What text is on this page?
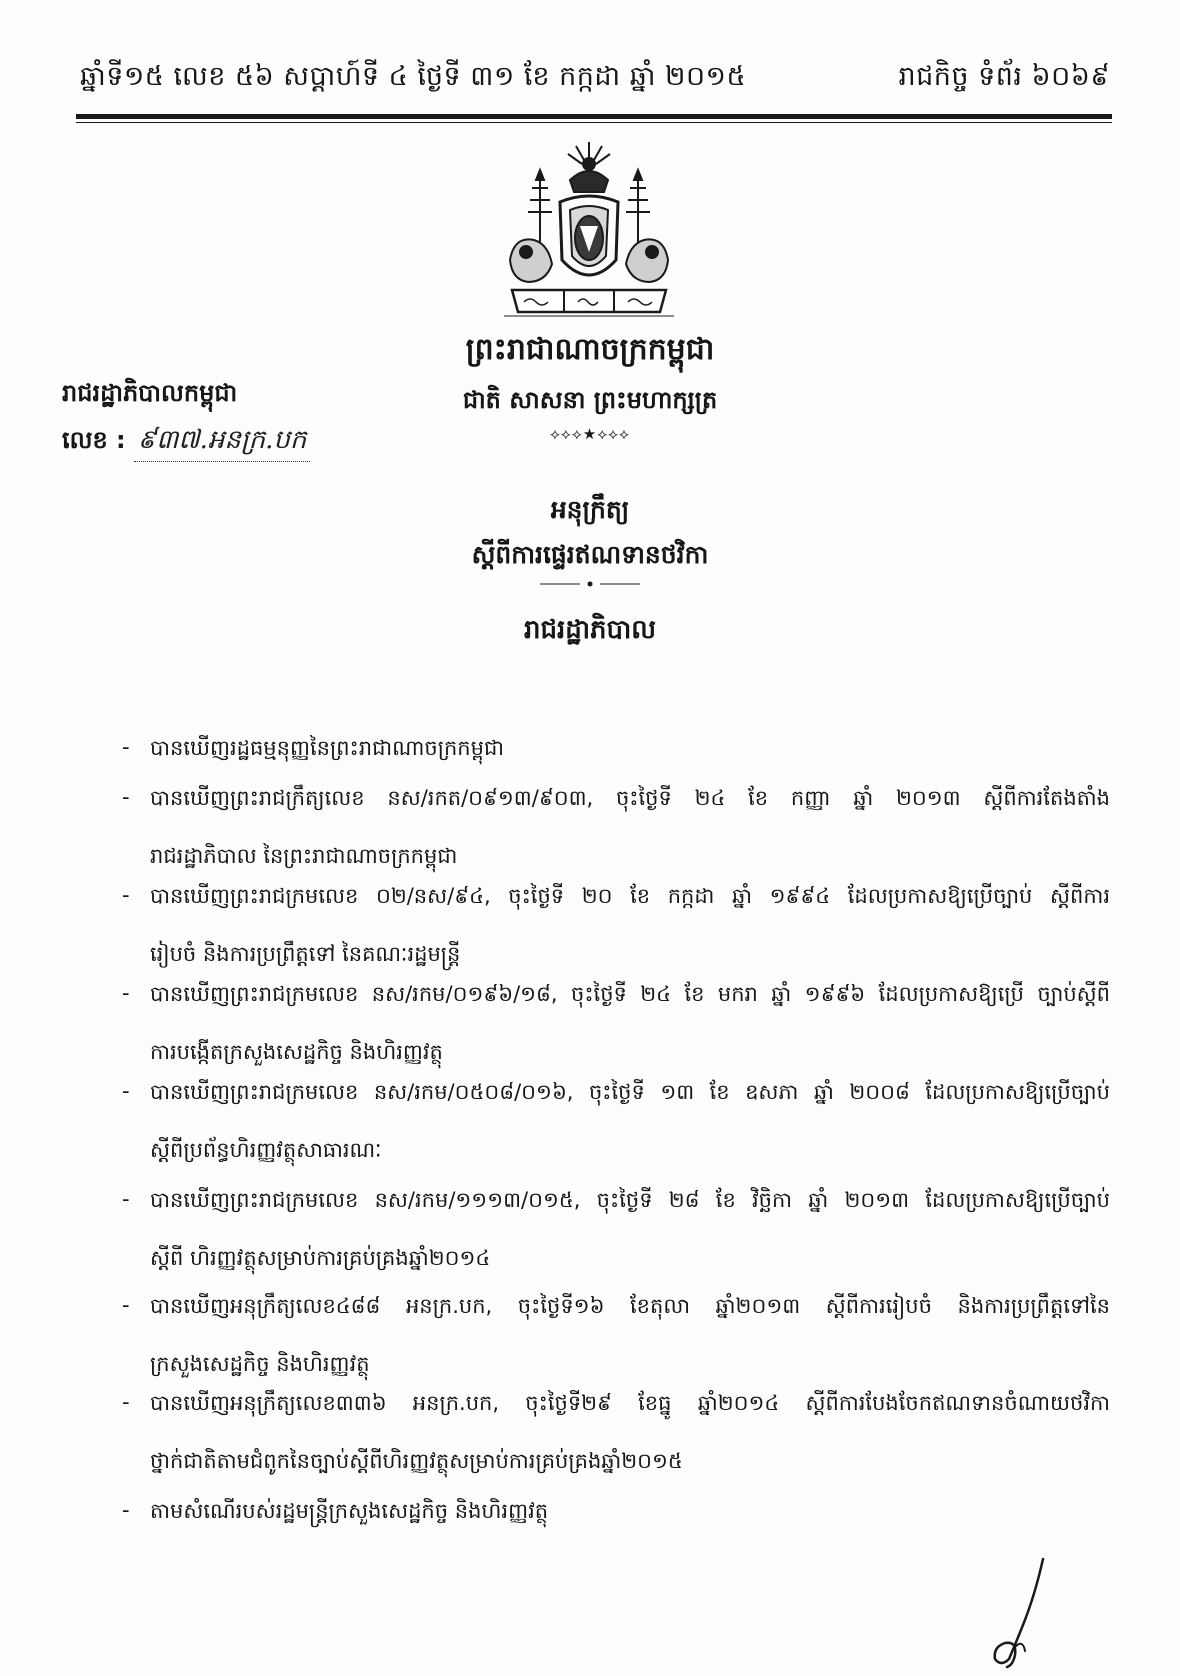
ឆ្នាំទី១៥ លេខ ៥៦ សប្តាហ៍ទី ៤ ថ្ងៃទី ៣១ ខែ កក្កដា ឆ្នាំ ២០១៥	រាជកិច្ច ទំព័រ ៦០៦៩
ព្រះរាជាណាចក្រកម្ពុជា
ជាតិ សាសនា ព្រះមហាក្សត្រ
⟡⟡⟡★⟡⟡⟡
រាជរដ្ឋាភិបាលកម្ពុជា
លេខ : ៩៣៧.អនក្រ.បក
អនុក្រឹត្យ
ស្តីពីការផ្ទេរឥណទានថវិកា
រាជរដ្ឋាភិបាល
- បានឃើញរដ្ឋធម្មនុញ្ញនៃព្រះរាជាណាចក្រកម្ពុជា
- បានឃើញព្រះរាជក្រឹត្យលេខ នស/រកត/០៩១៣/៩០៣, ចុះថ្ងៃទី ២៤ ខែ កញ្ញា ឆ្នាំ ២០១៣ ស្តីពីការតែងតាំង
រាជរដ្ឋាភិបាល នៃព្រះរាជាណាចក្រកម្ពុជា
- បានឃើញព្រះរាជក្រមលេខ ០២/នស/៩៤, ចុះថ្ងៃទី ២០ ខែ កក្កដា ឆ្នាំ ១៩៩៤ ដែលប្រកាសឱ្យប្រើច្បាប់ ស្តីពីការ
រៀបចំ និងការប្រព្រឹត្តទៅ នៃគណៈរដ្ឋមន្ត្រី
- បានឃើញព្រះរាជក្រមលេខ នស/រកម/០១៩៦/១៨, ចុះថ្ងៃទី ២៤ ខែ មករា ឆ្នាំ ១៩៩៦ ដែលប្រកាសឱ្យប្រើ ច្បាប់ស្តីពី
ការបង្កើតក្រសួងសេដ្ឋកិច្ច និងហិរញ្ញវត្ថុ
- បានឃើញព្រះរាជក្រមលេខ នស/រកម/០៥០៨/០១៦, ចុះថ្ងៃទី ១៣ ខែ ឧសភា ឆ្នាំ ២០០៨ ដែលប្រកាសឱ្យប្រើច្បាប់
ស្តីពីប្រព័ន្ធហិរញ្ញវត្ថុសាធារណៈ
- បានឃើញព្រះរាជក្រមលេខ នស/រកម/១១១៣/០១៥, ចុះថ្ងៃទី ២៨ ខែ វិច្ឆិកា ឆ្នាំ ២០១៣ ដែលប្រកាសឱ្យប្រើច្បាប់
ស្តីពី ហិរញ្ញវត្ថុសម្រាប់ការគ្រប់គ្រងឆ្នាំ២០១៤
- បានឃើញអនុក្រឹត្យលេខ៤៨៨ អនក្រ.បក, ចុះថ្ងៃទី១៦ ខែតុលា ឆ្នាំ២០១៣ ស្តីពីការរៀបចំ និងការប្រព្រឹត្តទៅនៃ
ក្រសួងសេដ្ឋកិច្ច និងហិរញ្ញវត្ថុ
- បានឃើញអនុក្រឹត្យលេខ៣៣៦ អនក្រ.បក, ចុះថ្ងៃទី២៩ ខែធ្នូ ឆ្នាំ២០១៤ ស្តីពីការបែងចែកឥណទានចំណាយថវិកា
ថ្នាក់ជាតិតាមជំពូកនៃច្បាប់ស្តីពីហិរញ្ញវត្ថុសម្រាប់ការគ្រប់គ្រងឆ្នាំ២០១៥
- តាមសំណើរបស់រដ្ឋមន្ត្រីក្រសួងសេដ្ឋកិច្ច និងហិរញ្ញវត្ថុ
